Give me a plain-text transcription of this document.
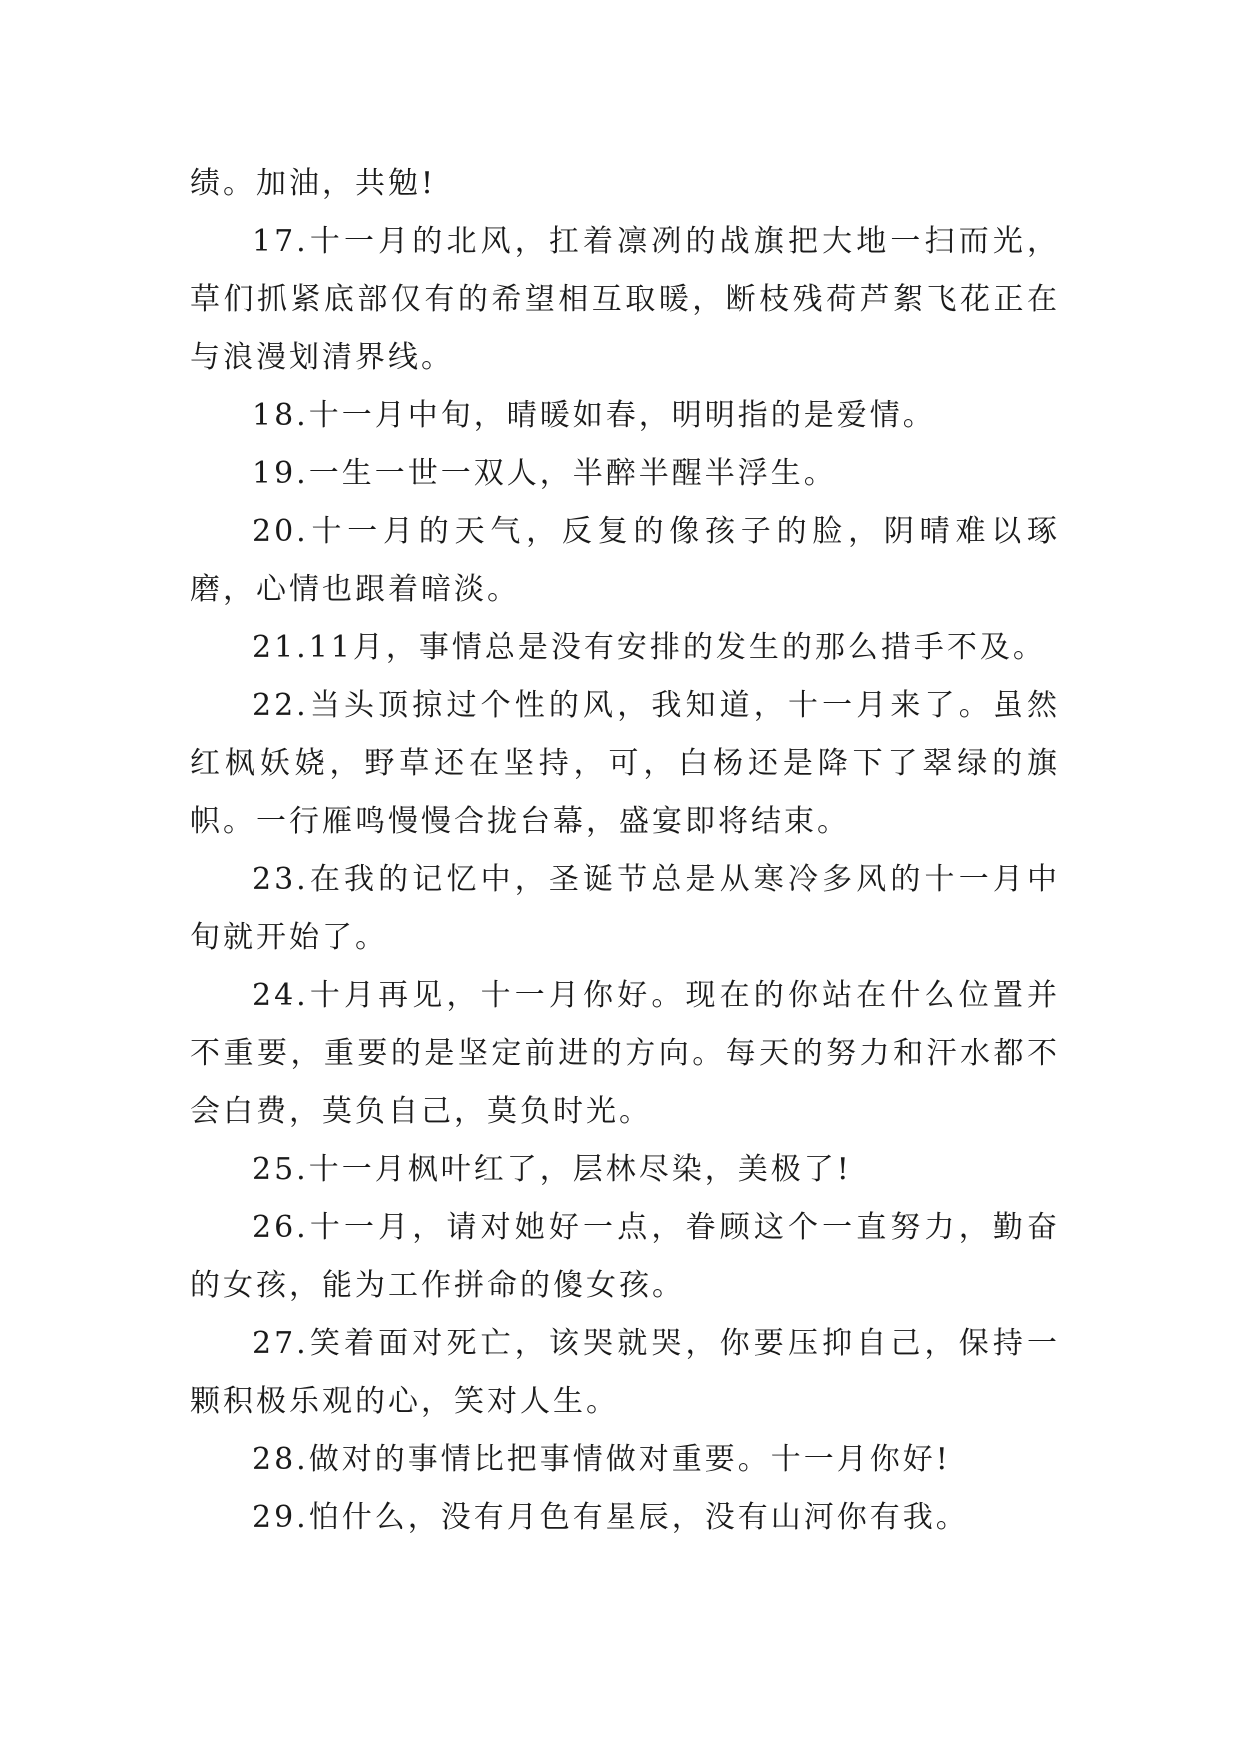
绩。加油，共勉!

17.十一月的北风，扛着凛冽的战旗把大地一扫而光，草们抓紧底部仅有的希望相互取暖，断枝残荷芦絮飞花正在与浪漫划清界线。

18.十一月中旬，晴暖如春，明明指的是爱情。

19.一生一世一双人，半醉半醒半浮生。

20.十一月的天气，反复的像孩子的脸，阴晴难以琢磨，心情也跟着暗淡。

21.11月，事情总是没有安排的发生的那么措手不及。

22.当头顶掠过个性的风，我知道，十一月来了。虽然红枫妖娆，野草还在坚持，可，白杨还是降下了翠绿的旗帜。一行雁鸣慢慢合拢台幕，盛宴即将结束。

23.在我的记忆中，圣诞节总是从寒冷多风的十一月中旬就开始了。

24.十月再见，十一月你好。现在的你站在什么位置并不重要，重要的是坚定前进的方向。每天的努力和汗水都不会白费，莫负自己，莫负时光。

25.十一月枫叶红了，层林尽染，美极了!

26.十一月，请对她好一点，眷顾这个一直努力，勤奋的女孩，能为工作拼命的傻女孩。

27.笑着面对死亡，该哭就哭，你要压抑自己，保持一颗积极乐观的心，笑对人生。

28.做对的事情比把事情做对重要。十一月你好!

29.怕什么，没有月色有星辰，没有山河你有我。
